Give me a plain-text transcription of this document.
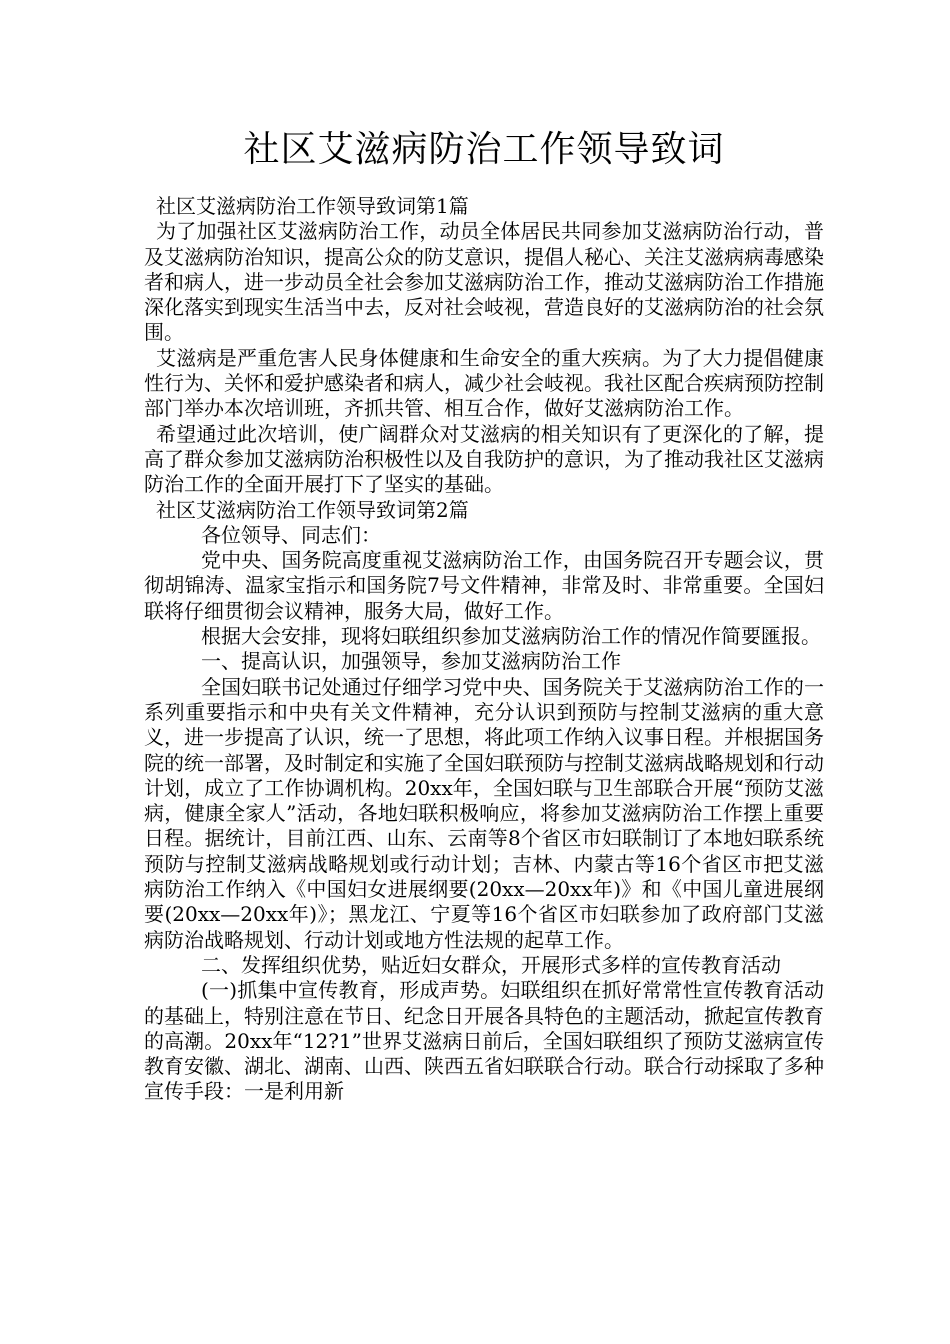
社区艾滋病防治工作领导致词

社区艾滋病防治工作领导致词第1篇

为了加强社区艾滋病防治工作，动员全体居民共同参加艾滋病防治行动，普及艾滋病防治知识，提高公众的防艾意识，提倡人秘心、关注艾滋病病毒感染者和病人，进一步动员全社会参加艾滋病防治工作，推动艾滋病防治工作措施深化落实到现实生活当中去，反对社会岐视，营造良好的艾滋病防治的社会氛围。

艾滋病是严重危害人民身体健康和生命安全的重大疾病。为了大力提倡健康性行为、关怀和爱护感染者和病人，减少社会岐视。我社区配合疾病预防控制部门举办本次培训班，齐抓共管、相互合作，做好艾滋病防治工作。

希望通过此次培训，使广阔群众对艾滋病的相关知识有了更深化的了解，提高了群众参加艾滋病防治积极性以及自我防护的意识，为了推动我社区艾滋病防治工作的全面开展打下了坚实的基础。

社区艾滋病防治工作领导致词第2篇

各位领导、同志们：

党中央、国务院高度重视艾滋病防治工作，由国务院召开专题会议，贯彻胡锦涛、温家宝指示和国务院7号文件精神，非常及时、非常重要。全国妇联将仔细贯彻会议精神，服务大局，做好工作。

根据大会安排，现将妇联组织参加艾滋病防治工作的情况作简要匯报。

一、提高认识，加强领导，参加艾滋病防治工作

全国妇联书记处通过仔细学习党中央、国务院关于艾滋病防治工作的一系列重要指示和中央有关文件精神，充分认识到预防与控制艾滋病的重大意义，进一步提高了认识，统一了思想，将此项工作纳入议事日程。并根据国务院的统一部署，及时制定和实施了全国妇联预防与控制艾滋病战略规划和行动计划，成立了工作协调机构。20xx年，全国妇联与卫生部联合开展“预防艾滋病，健康全家人”活动，各地妇联积极响应，将参加艾滋病防治工作摆上重要日程。据统计，目前江西、山东、云南等8个省区市妇联制订了本地妇联系统预防与控制艾滋病战略规划或行动计划；吉林、内蒙古等16个省区市把艾滋病防治工作纳入《中国妇女进展纲要(20xx—20xx年)》和《中国儿童进展纲要(20xx—20xx年)》；黑龙江、宁夏等16个省区市妇联参加了政府部门艾滋病防治战略规划、行动计划或地方性法规的起草工作。

二、发挥组织优势，贴近妇女群众，开展形式多样的宣传教育活动

(一)抓集中宣传教育，形成声势。妇联组织在抓好常常性宣传教育活动的基础上，特别注意在节日、纪念日开展各具特色的主题活动，掀起宣传教育的高潮。20xx年“12?1”世界艾滋病日前后，全国妇联组织了预防艾滋病宣传教育安徽、湖北、湖南、山西、陕西五省妇联联合行动。联合行动採取了多种宣传手段：一是利用新
